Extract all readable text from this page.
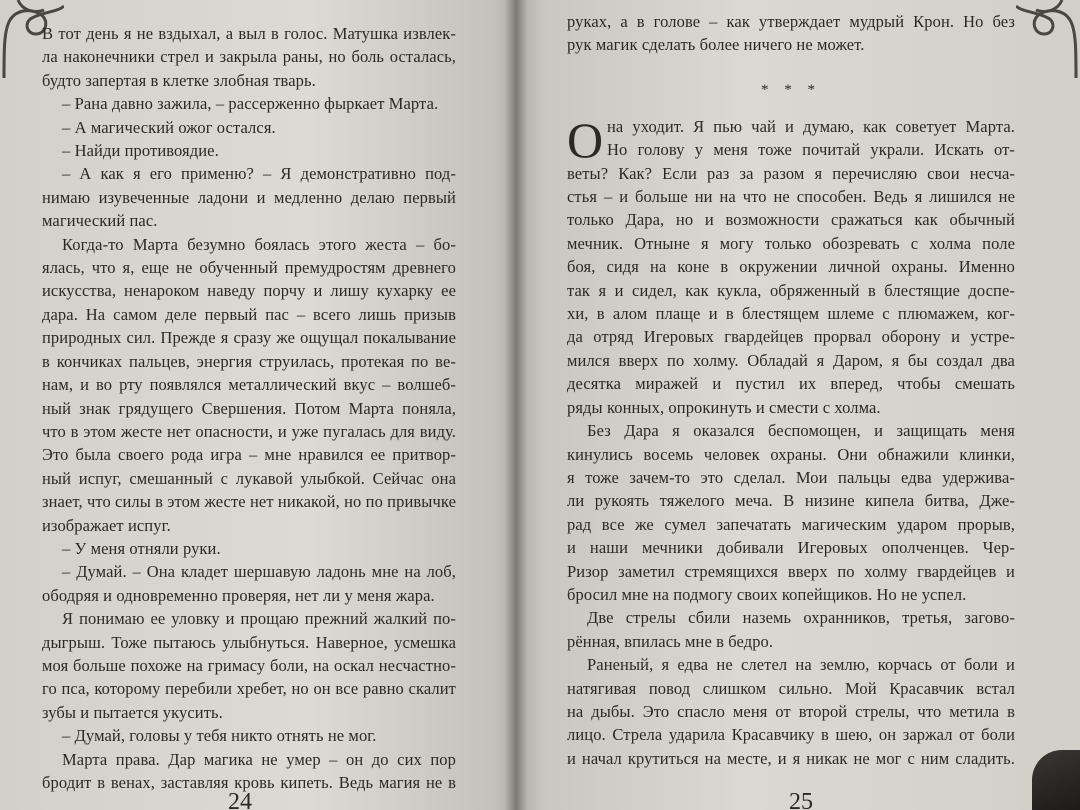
В тот день я не вздыхал, а выл в голос. Матушка извлек-
ла наконечники стрел и закрыла раны, но боль осталась,
будто запертая в клетке злобная тварь.
– Рана давно зажила, – рассерженно фыркает Марта.
– А магический ожог остался.
– Найди противоядие.
– А как я его применю? – Я демонстративно под-
нимаю изувеченные ладони и медленно делаю первый
магический пас.
Когда-то Марта безумно боялась этого жеста – бо-
ялась, что я, еще не обученный премудростям древнего
искусства, ненароком наведу порчу и лишу кухарку ее
дара. На самом деле первый пас – всего лишь призыв
природных сил. Прежде я сразу же ощущал покалывание
в кончиках пальцев, энергия струилась, протекая по ве-
нам, и во рту появлялся металлический вкус – волшеб-
ный знак грядущего Свершения. Потом Марта поняла,
что в этом жесте нет опасности, и уже пугалась для виду.
Это была своего рода игра – мне нравился ее притвор-
ный испуг, смешанный с лукавой улыбкой. Сейчас она
знает, что силы в этом жесте нет никакой, но по привычке
изображает испуг.
– У меня отняли руки.
– Думай. – Она кладет шершавую ладонь мне на лоб,
ободряя и одновременно проверяя, нет ли у меня жара.
Я понимаю ее уловку и прощаю прежний жалкий по-
дыгрыш. Тоже пытаюсь улыбнуться. Наверное, усмешка
моя больше похоже на гримасу боли, на оскал несчастно-
го пса, которому перебили хребет, но он все равно скалит
зубы и пытается укусить.
– Думай, головы у тебя никто отнять не мог.
Марта права. Дар магика не умер – он до сих пор
бродит в венах, заставляя кровь кипеть. Ведь магия не в
24
руках, а в голове – как утверждает мудрый Крон. Но без
рук магик сделать более ничего не может.
* * *
О на уходит. Я пью чай и думаю, как советует Марта.
Но голову у меня тоже почитай украли. Искать от-
веты? Как? Если раз за разом я перечисляю свои несча-
стья – и больше ни на что не способен. Ведь я лишился не
только Дара, но и возможности сражаться как обычный
мечник. Отныне я могу только обозревать с холма поле
боя, сидя на коне в окружении личной охраны. Именно
так я и сидел, как кукла, обряженный в блестящие доспе-
хи, в алом плаще и в блестящем шлеме с плюмажем, ког-
да отряд Игеровых гвардейцев прорвал оборону и устре-
мился вверх по холму. Обладай я Даром, я бы создал два
десятка миражей и пустил их вперед, чтобы смешать
ряды конных, опрокинуть и смести с холма.
Без Дара я оказался беспомощен, и защищать меня
кинулись восемь человек охраны. Они обнажили клинки,
я тоже зачем-то это сделал. Мои пальцы едва удержива-
ли рукоять тяжелого меча. В низине кипела битва, Дже-
рад все же сумел запечатать магическим ударом прорыв,
и наши мечники добивали Игеровых ополченцев. Чер-
Ризор заметил стремящихся вверх по холму гвардейцев и
бросил мне на подмогу своих копейщиков. Но не успел.
Две стрелы сбили наземь охранников, третья, загово-
рённая, впилась мне в бедро.
Раненый, я едва не слетел на землю, корчась от боли и
натягивая повод слишком сильно. Мой Красавчик встал
на дыбы. Это спасло меня от второй стрелы, что метила в
лицо. Стрела ударила Красавчику в шею, он заржал от боли
и начал крутиться на месте, и я никак не мог с ним сладить.
25
